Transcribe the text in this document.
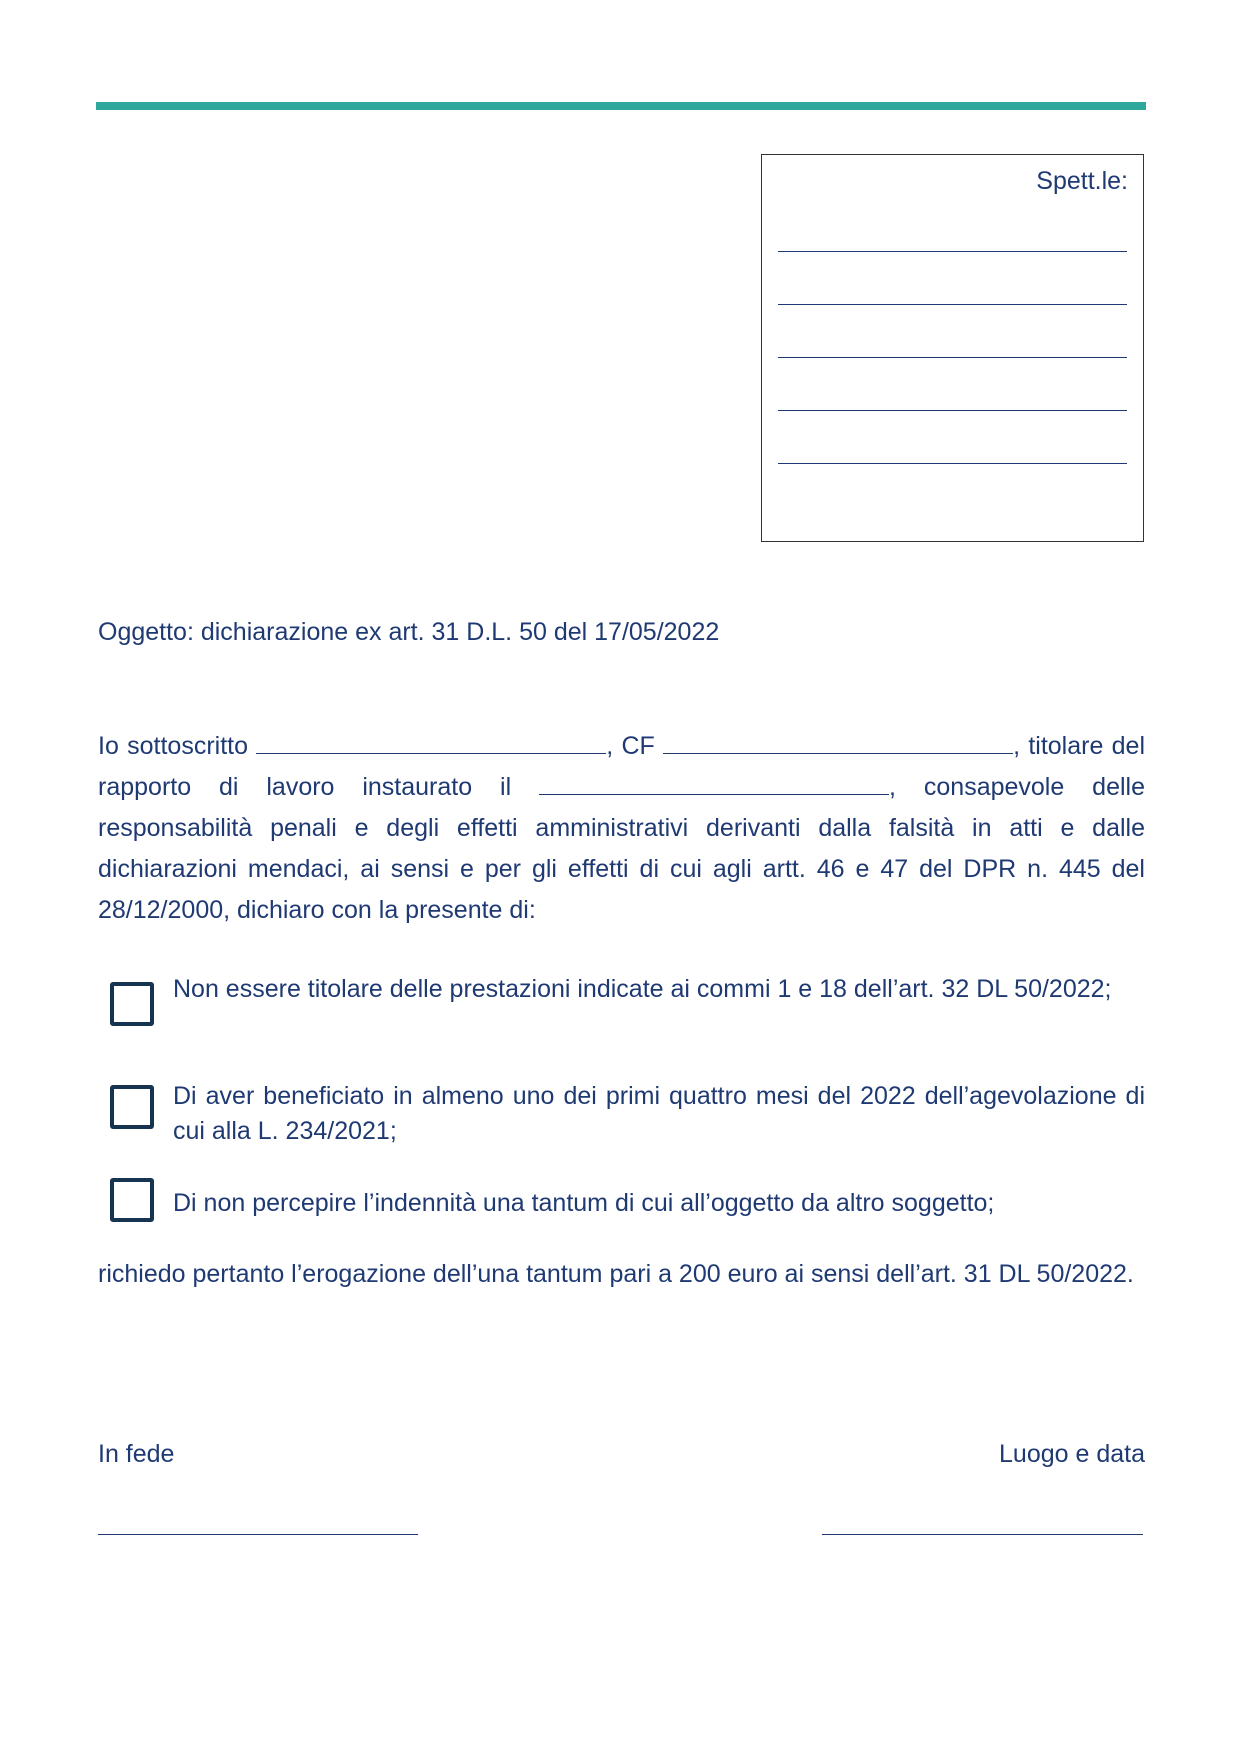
Spett.le:
Oggetto: dichiarazione ex art. 31 D.L. 50 del 17/05/2022

Io sottoscritto	, CF	, titolare del rapporto di lavoro instaurato il	, consapevole delle responsabilità penali e degli effetti amministrativi derivanti dalla falsità in atti e dalle dichiarazioni mendaci, ai sensi e per gli effetti di cui agli artt. 46 e 47 del DPR n. 445 del 28/12/2000, dichiaro con la presente di:

Non essere titolare delle prestazioni indicate ai commi 1 e 18 dell’art. 32 DL 50/2022;

Di aver beneficiato in almeno uno dei primi quattro mesi del 2022 dell’agevolazione di cui alla L. 234/2021;

Di non percepire l’indennità una tantum di cui all’oggetto da altro soggetto;

richiedo pertanto l’erogazione dell’una tantum pari a 200 euro ai sensi dell’art. 31 DL 50/2022.

In fede	Luogo e data
